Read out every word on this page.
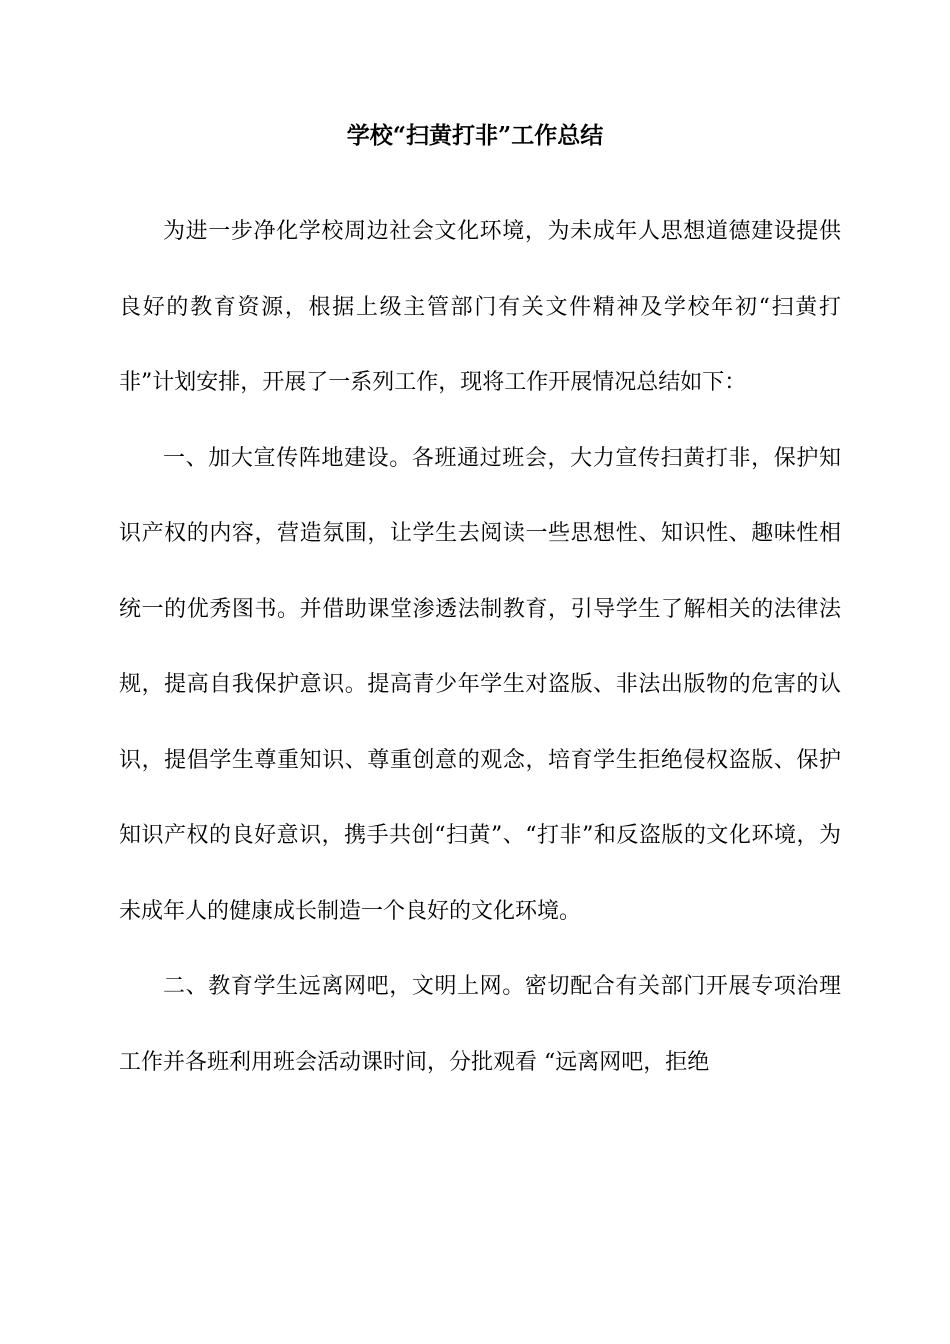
学校“扫黄打非”工作总结

为进一步净化学校周边社会文化环境，为未成年人思想道德建设提供良好的教育资源，根据上级主管部门有关文件精神及学校年初“扫黄打非”计划安排，开展了一系列工作，现将工作开展情况总结如下：

一、加大宣传阵地建设。各班通过班会，大力宣传扫黄打非，保护知识产权的内容，营造氛围，让学生去阅读一些思想性、知识性、趣味性相统一的优秀图书。并借助课堂渗透法制教育，引导学生了解相关的法律法规，提高自我保护意识。提高青少年学生对盗版、非法出版物的危害的认识，提倡学生尊重知识、尊重创意的观念，培育学生拒绝侵权盗版、保护知识产权的良好意识，携手共创“扫黄”、“打非”和反盗版的文化环境，为未成年人的健康成长制造一个良好的文化环境。

二、教育学生远离网吧，文明上网。密切配合有关部门开展专项治理工作并各班利用班会活动课时间，分批观看 “远离网吧，拒绝
